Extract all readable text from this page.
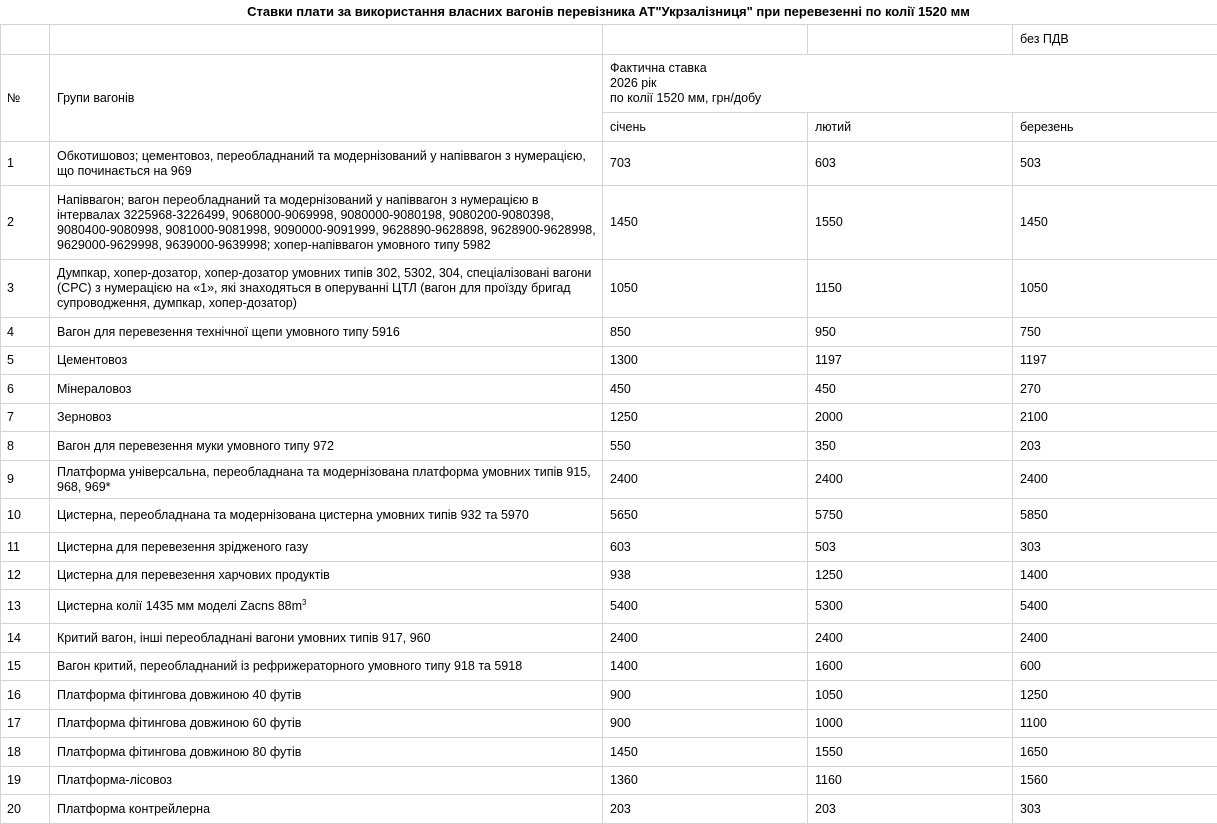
Ставки плати за використання власних вагонів перевізника АТ"Укрзалізниця" при перевезенні по колії 1520 мм
				без ПДВ
№	Групи вагонів	Фактична ставка
2026 рік
по колії 1520 мм, грн/добу		
		січень	лютий	березень
1	Обкотишовоз; цементовоз, переобладнаний та модернізований у напіввагон з нумерацією, що починається на 969	703	603	503
2	Напіввагон; вагон переобладнаний та модернізований у напіввагон з нумерацією в інтервалах 3225968-3226499, 9068000-9069998, 9080000-9080198, 9080200-9080398, 9080400-9080998, 9081000-9081998, 9090000-9091999, 9628890-9628898, 9628900-9628998, 9629000-9629998, 9639000-9639998; хопер-напіввагон умовного типу 5982	1450	1550	1450
3	Думпкар, хопер-дозатор, хопер-дозатор умовних типів 302, 5302, 304, спеціалізовані вагони (СРС) з нумерацією на «1», які знаходяться в оперуванні ЦТЛ (вагон для проїзду бригад супроводження, думпкар, хопер-дозатор)	1050	1150	1050
4	Вагон для перевезення технічної щепи умовного типу 5916	850	950	750
5	Цементовоз	1300	1197	1197
6	Мінераловоз	450	450	270
7	Зерновоз	1250	2000	2100
8	Вагон для перевезення муки умовного типу 972	550	350	203
9	Платформа універсальна, переобладнана та модернізована платформа умовних типів 915, 968, 969*	2400	2400	2400
10	Цистерна, переобладнана та модернізована цистерна умовних типів 932 та 5970	5650	5750	5850
11	Цистерна для перевезення зрідженого газу	603	503	303
12	Цистерна для перевезення харчових продуктів	938	1250	1400
13	Цистерна колії 1435 мм моделі Zacns $88m^3$	5400	5300	5400
14	Критий вагон, інші переобладнані вагони умовних типів 917, 960	2400	2400	2400
15	Вагон критий, переобладнаний із рефрижераторного умовного типу 918 та 5918	1400	1600	600
16	Платформа фітингова довжиною 40 футів	900	1050	1250
17	Платформа фітингова довжиною 60 футів	900	1000	1100
18	Платформа фітингова довжиною 80 футів	1450	1550	1650
19	Платформа-лісовоз	1360	1160	1560
20	Платформа контрейлерна	203	203	303
